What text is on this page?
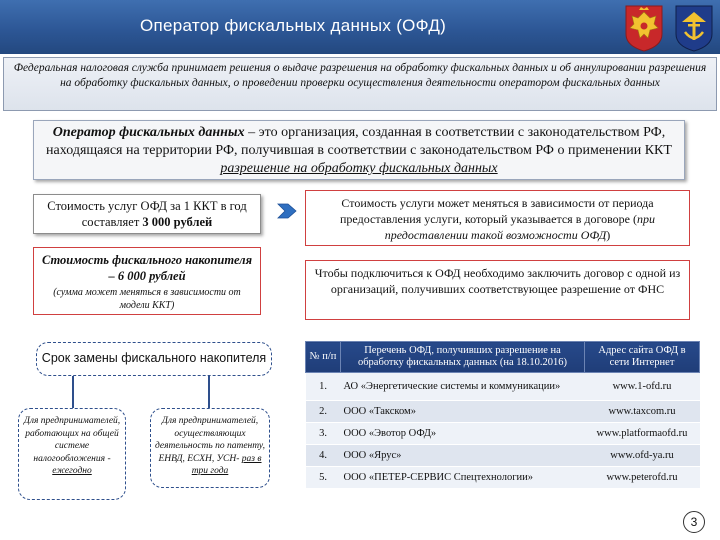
Оператор фискальных данных (ОФД)
Федеральная налоговая служба принимает решения о выдаче разрешения на обработку фискальных данных и об аннулировании разрешения на обработку фискальных данных, о проведении проверки осуществления деятельности оператором фискальных данных
Оператор фискальных данных – это организация, созданная в соответствии с законодательством РФ, находящаяся на территории РФ, получившая в соответствии с законодательством РФ о применении ККТ разрешение на обработку фискальных данных
Стоимость услуг ОФД за 1 ККТ в год составляет 3 000 рублей
Стоимость услуги может меняться в зависимости от периода предоставления услуги, который указывается в договоре (при предоставлении такой возможности ОФД)
Стоимость фискального накопителя – 6 000 рублей
(сумма может меняться в зависимости от модели ККТ)
Чтобы подключиться к ОФД необходимо заключить договор с одной из организаций, получивших соответствующее разрешение от ФНС
Срок замены фискального накопителя
Для предпринимателей, работающих на общей системе налогообложения - ежегодно
Для предпринимателей, осуществляющих деятельность по патенту, ЕНВД, ЕСХН, УСН- раз в три года
№ п/п	Перечень ОФД, получивших разрешение на обработку фискальных данных (на 18.10.2016)	Адрес сайта ОФД в сети Интернет
1.	АО «Энергетические системы и коммуникации»	www.1-ofd.ru
2.	ООО «Такском»	www.taxcom.ru
3.	ООО «Эвотор ОФД»	www.platformaofd.ru
4.	ООО «Ярус»	www.ofd-ya.ru
5.	ООО «ПЕТЕР-СЕРВИС Спецтехнологии»	www.peterofd.ru
3
